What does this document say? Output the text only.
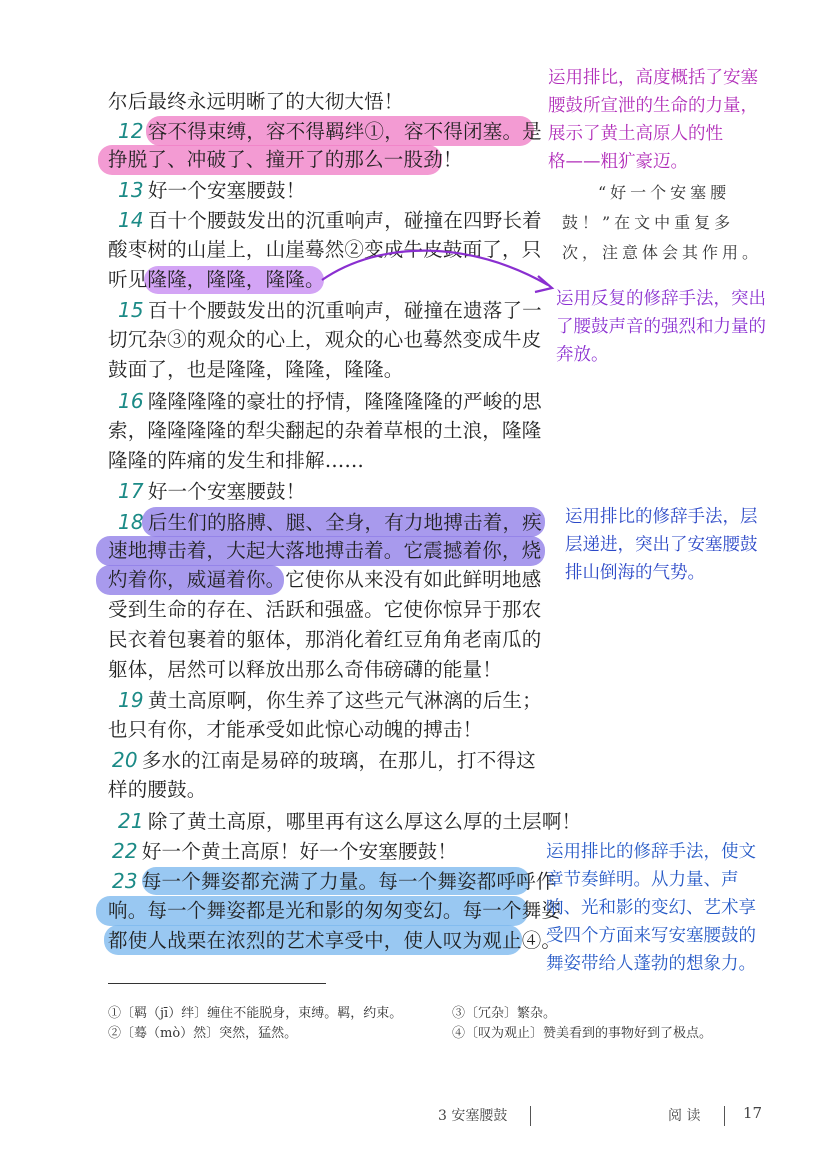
尔后最终永远明晰了的大彻大悟！
12 容不得束缚，容不得羁绊①，容不得闭塞。是
挣脱了、冲破了、撞开了的那么一股劲！
13 好一个安塞腰鼓！
14 百十个腰鼓发出的沉重响声，碰撞在四野长着
酸枣树的山崖上，山崖蓦然②变成牛皮鼓面了，只
听见隆隆，隆隆，隆隆。
15 百十个腰鼓发出的沉重响声，碰撞在遗落了一
切冗杂③的观众的心上，观众的心也蓦然变成牛皮
鼓面了，也是隆隆，隆隆，隆隆。
16 隆隆隆隆的豪壮的抒情，隆隆隆隆的严峻的思
索，隆隆隆隆的犁尖翻起的杂着草根的土浪，隆隆
隆隆的阵痛的发生和排解……
17 好一个安塞腰鼓！
18 后生们的胳膊、腿、全身，有力地搏击着，疾
速地搏击着，大起大落地搏击着。它震撼着你，烧
灼着你，威逼着你。它使你从来没有如此鲜明地感
受到生命的存在、活跃和强盛。它使你惊异于那农
民衣着包裹着的躯体，那消化着红豆角角老南瓜的
躯体，居然可以释放出那么奇伟磅礴的能量！
19 黄土高原啊，你生养了这些元气淋漓的后生；
也只有你，才能承受如此惊心动魄的搏击！
20 多水的江南是易碎的玻璃，在那儿，打不得这
样的腰鼓。
21 除了黄土高原，哪里再有这么厚这么厚的土层啊！
22 好一个黄土高原！好一个安塞腰鼓！
23 每一个舞姿都充满了力量。每一个舞姿都呼呼作
响。每一个舞姿都是光和影的匆匆变幻。每一个舞姿
都使人战栗在浓烈的艺术享受中，使人叹为观止④。
运用排比，高度概括了安塞
腰鼓所宣泄的生命的力量，
展示了黄土高原人的性
格——粗犷豪迈。
运用反复的修辞手法，突出
了腰鼓声音的强烈和力量的
奔放。
运用排比的修辞手法，层
层递进，突出了安塞腰鼓
排山倒海的气势。
运用排比的修辞手法，使文
章节奏鲜明。从力量、声
响、光和影的变幻、艺术享
受四个方面来写安塞腰鼓的
舞姿带给人蓬勃的想象力。
“好一个安塞腰
鼓！”在文中重复多
次，注意体会其作用。
①〔羁（jī）绊〕缠住不能脱身，束缚。羁，约束。
②〔蓦（mò）然〕突然，猛然。
③〔冗杂〕繁杂。
④〔叹为观止〕赞美看到的事物好到了极点。
3 安塞腰鼓	阅 读	17
